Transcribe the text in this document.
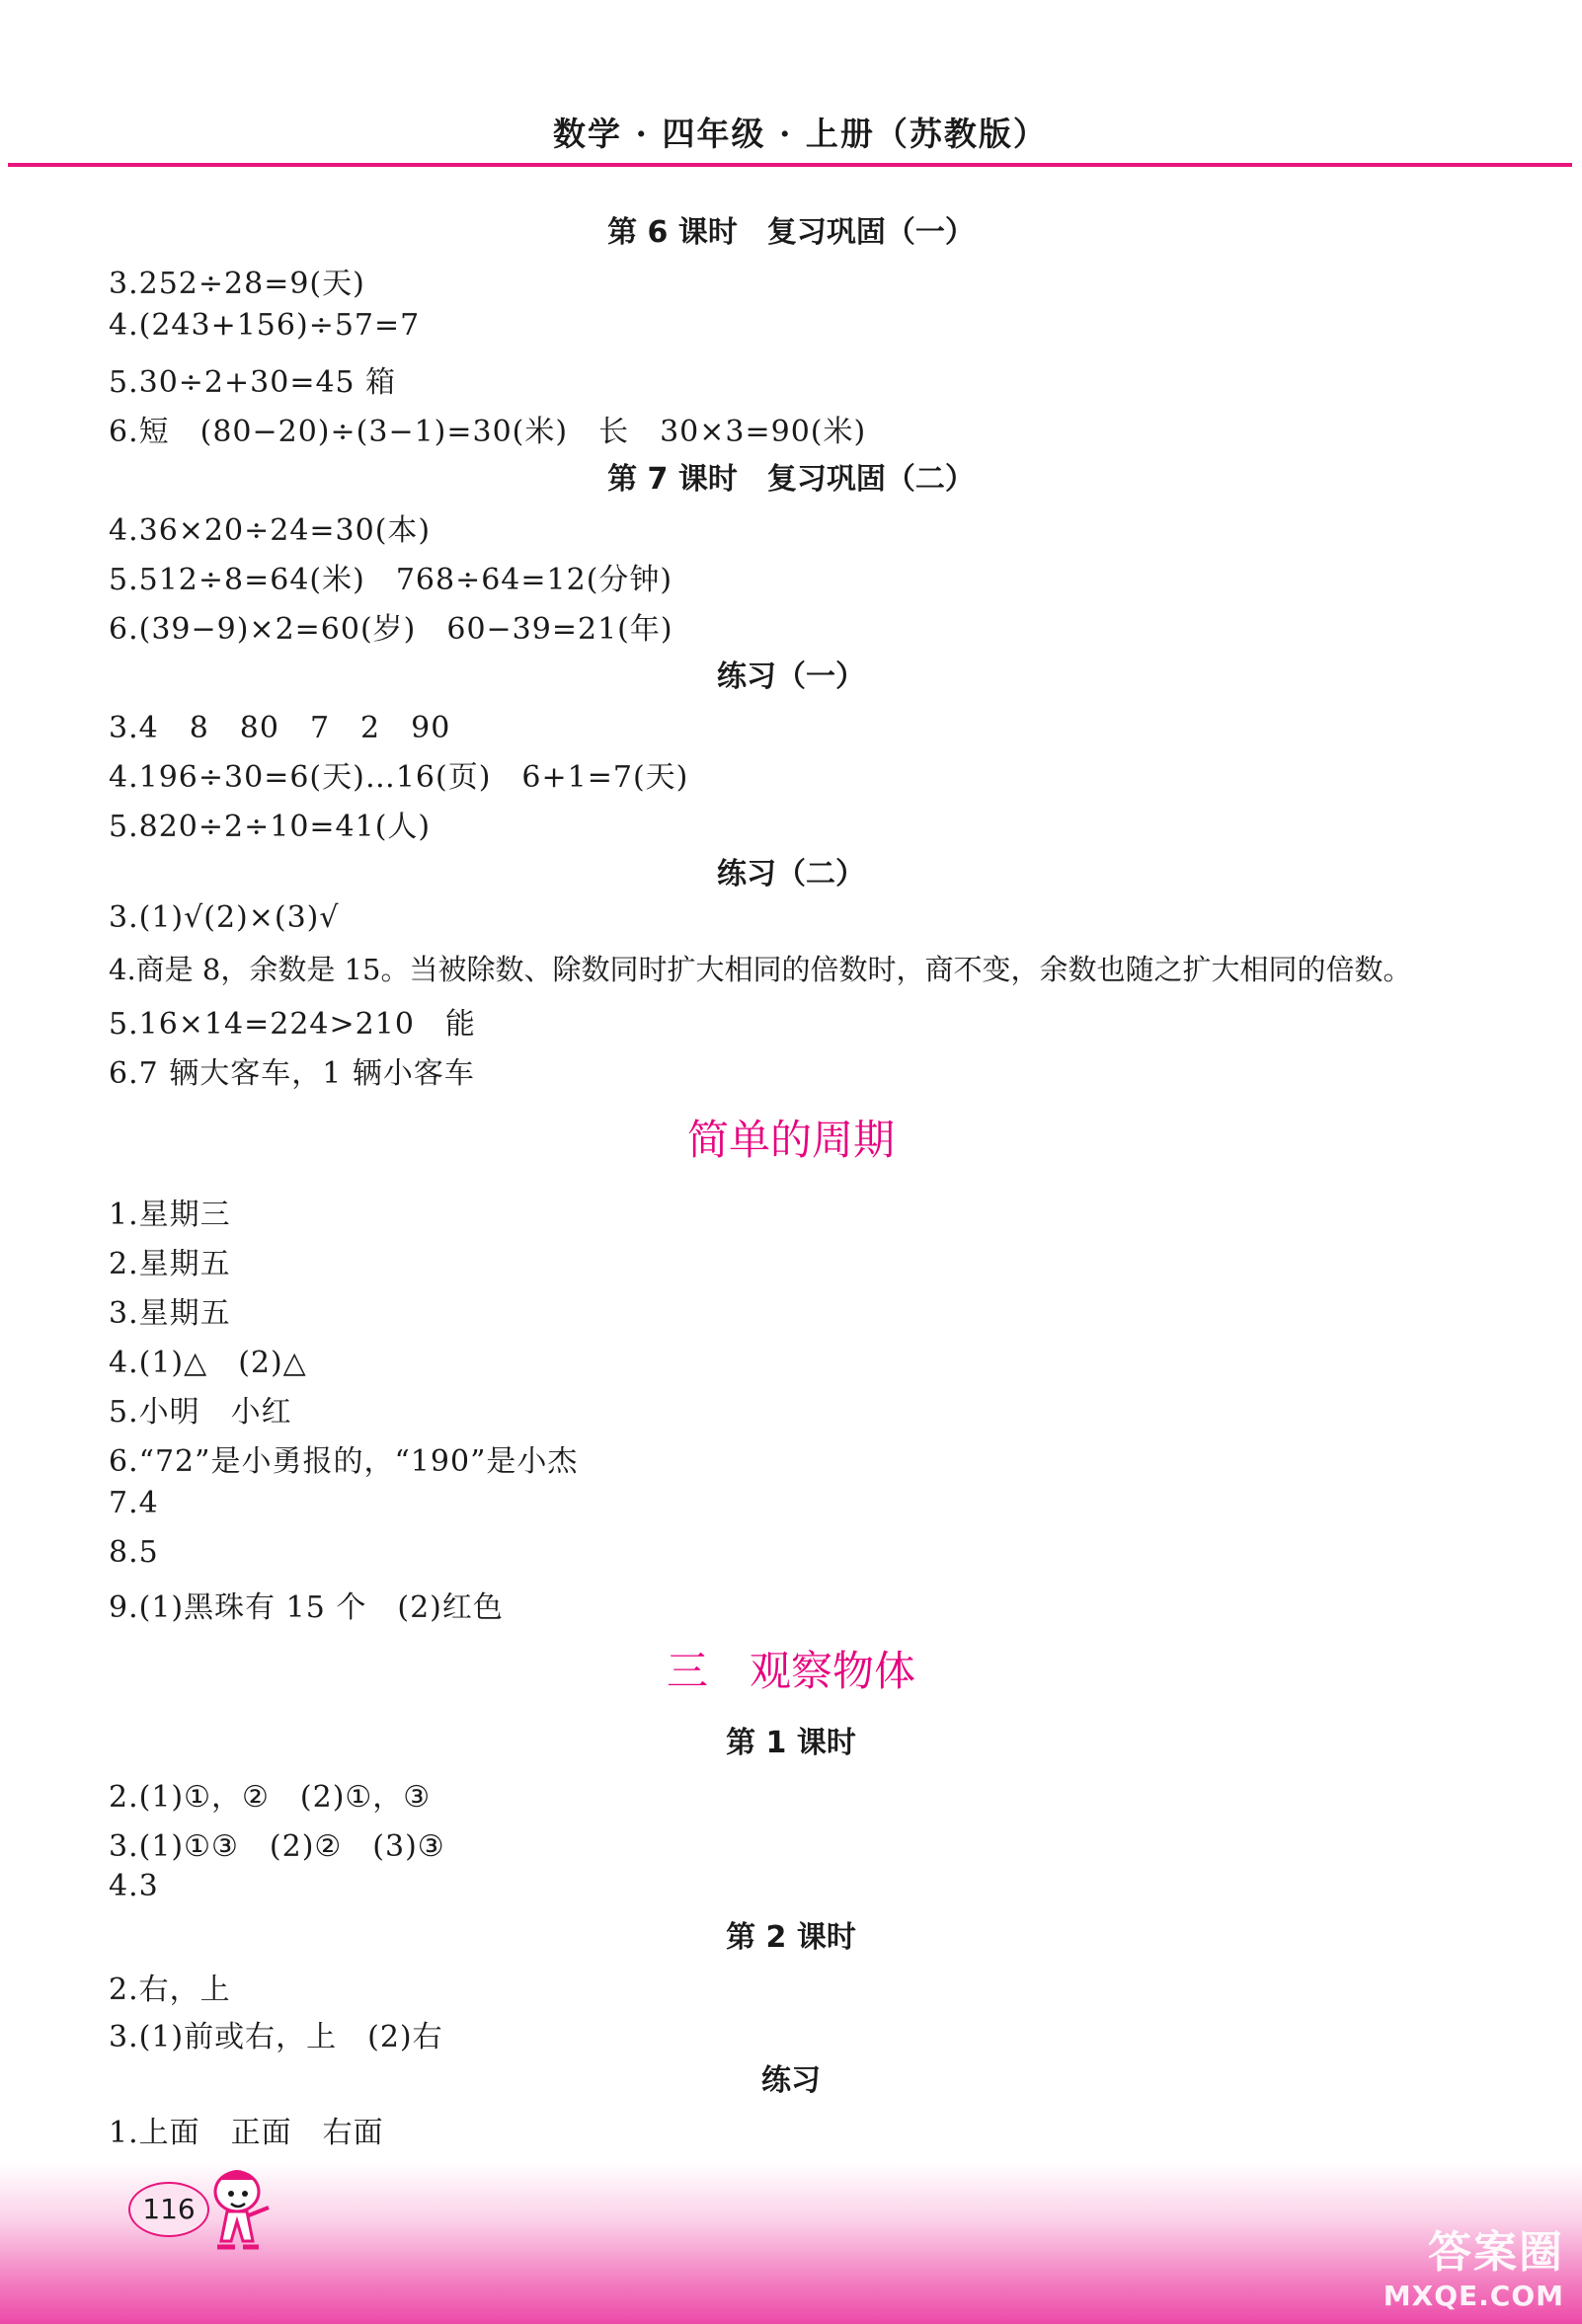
数学 · 四年级 · 上册（苏教版）
第 6 课时　复习巩固（一）
3.252÷28=9(天)
4.(243+156)÷57=7
5.30÷2+30=45 箱
6.短　(80−20)÷(3−1)=30(米)　长　30×3=90(米)
第 7 课时　复习巩固（二）
4.36×20÷24=30(本)
5.512÷8=64(米)　768÷64=12(分钟)
6.(39−9)×2=60(岁)　60−39=21(年)
练习（一）
3.4　8　80　7　2　90
4.196÷30=6(天)…16(页)　6+1=7(天)
5.820÷2÷10=41(人)
练习（二）
3.(1)√(2)×(3)√
4.商是 8，余数是 15。当被除数、除数同时扩大相同的倍数时，商不变，余数也随之扩大相同的倍数。
5.16×14=224>210　能
6.7 辆大客车，1 辆小客车
简单的周期
1.星期三
2.星期五
3.星期五
4.(1)△　(2)△
5.小明　小红
6.“72”是小勇报的，“190”是小杰
7.4
8.5
9.(1)黑珠有 15 个　(2)红色
三　观察物体
第 1 课时
2.(1)①，②　(2)①，③
3.(1)①③　(2)②　(3)③
4.3
第 2 课时
2.右，上
3.(1)前或右，上　(2)右
练习
1.上面　正面　右面
116
答案圈
MXQE.COM
